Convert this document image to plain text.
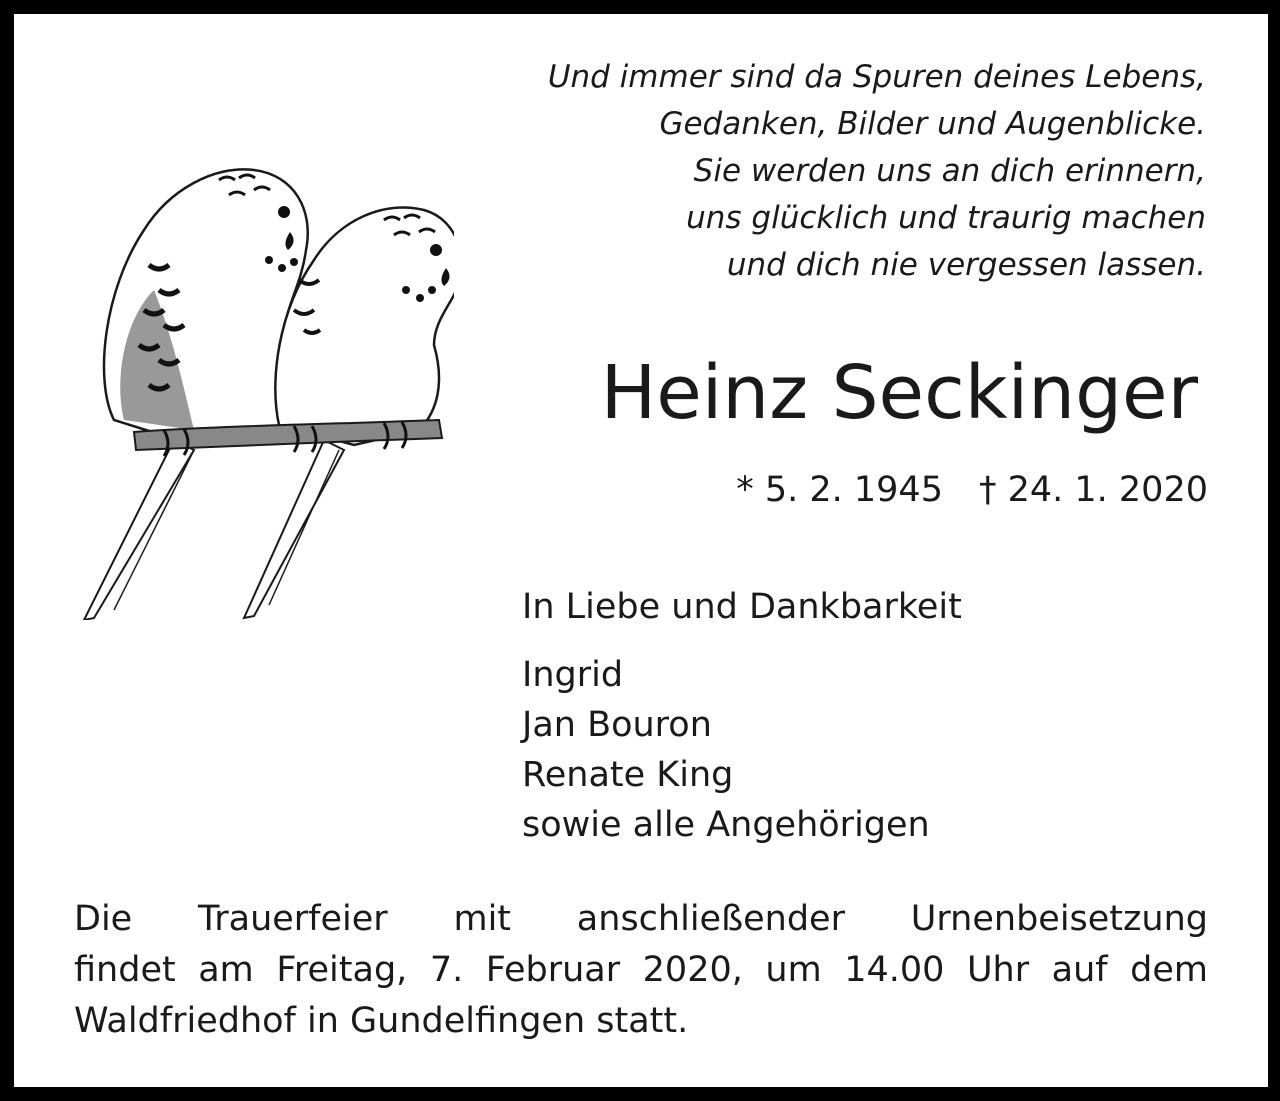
Und immer sind da Spuren deines Lebens,
Gedanken, Bilder und Augenblicke.
Sie werden uns an dich erinnern,
uns glücklich und traurig machen
und dich nie vergessen lassen.
Heinz Seckinger
* 5. 2. 1945 † 24. 1. 2020
In Liebe und Dankbarkeit
Ingrid
Jan Bouron
Renate King
sowie alle Angehörigen
Die Trauerfeier mit anschließender Urnenbeisetzung
findet am Freitag, 7. Februar 2020, um 14.00 Uhr auf dem
Waldfriedhof in Gundelfingen statt.
